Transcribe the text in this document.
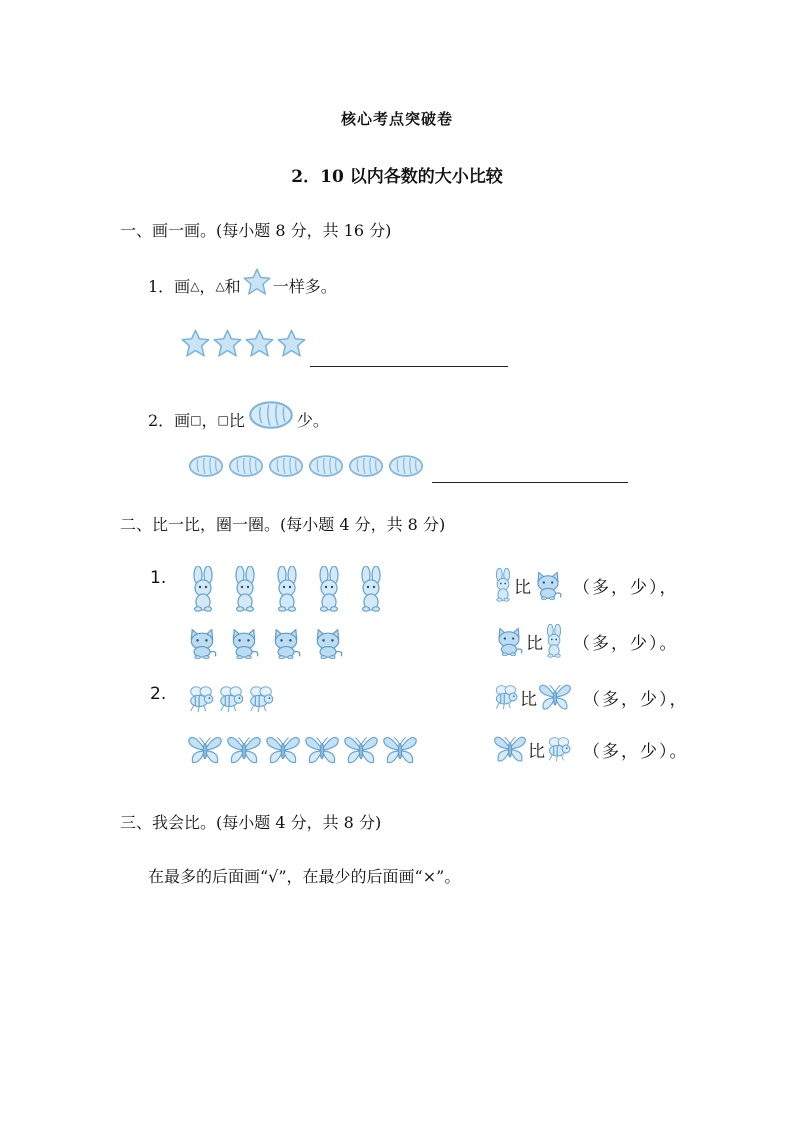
核心考点突破卷
2．10 以内各数的大小比较
一、画一画。(每小题 8 分，共 16 分)
1．画 △ ， △ 和 一样多。
2．画 □ ， □ 比	少。
二、比一比，圈一圈。(每小题 4 分，共 8 分)
1.	比 （多，少），
比 （多，少）。
2.	比	（多，少），
比 （多，少）。
三、我会比。(每小题 4 分，共 8 分)
在最多的后面画“√”，在最少的后面画“×”。
